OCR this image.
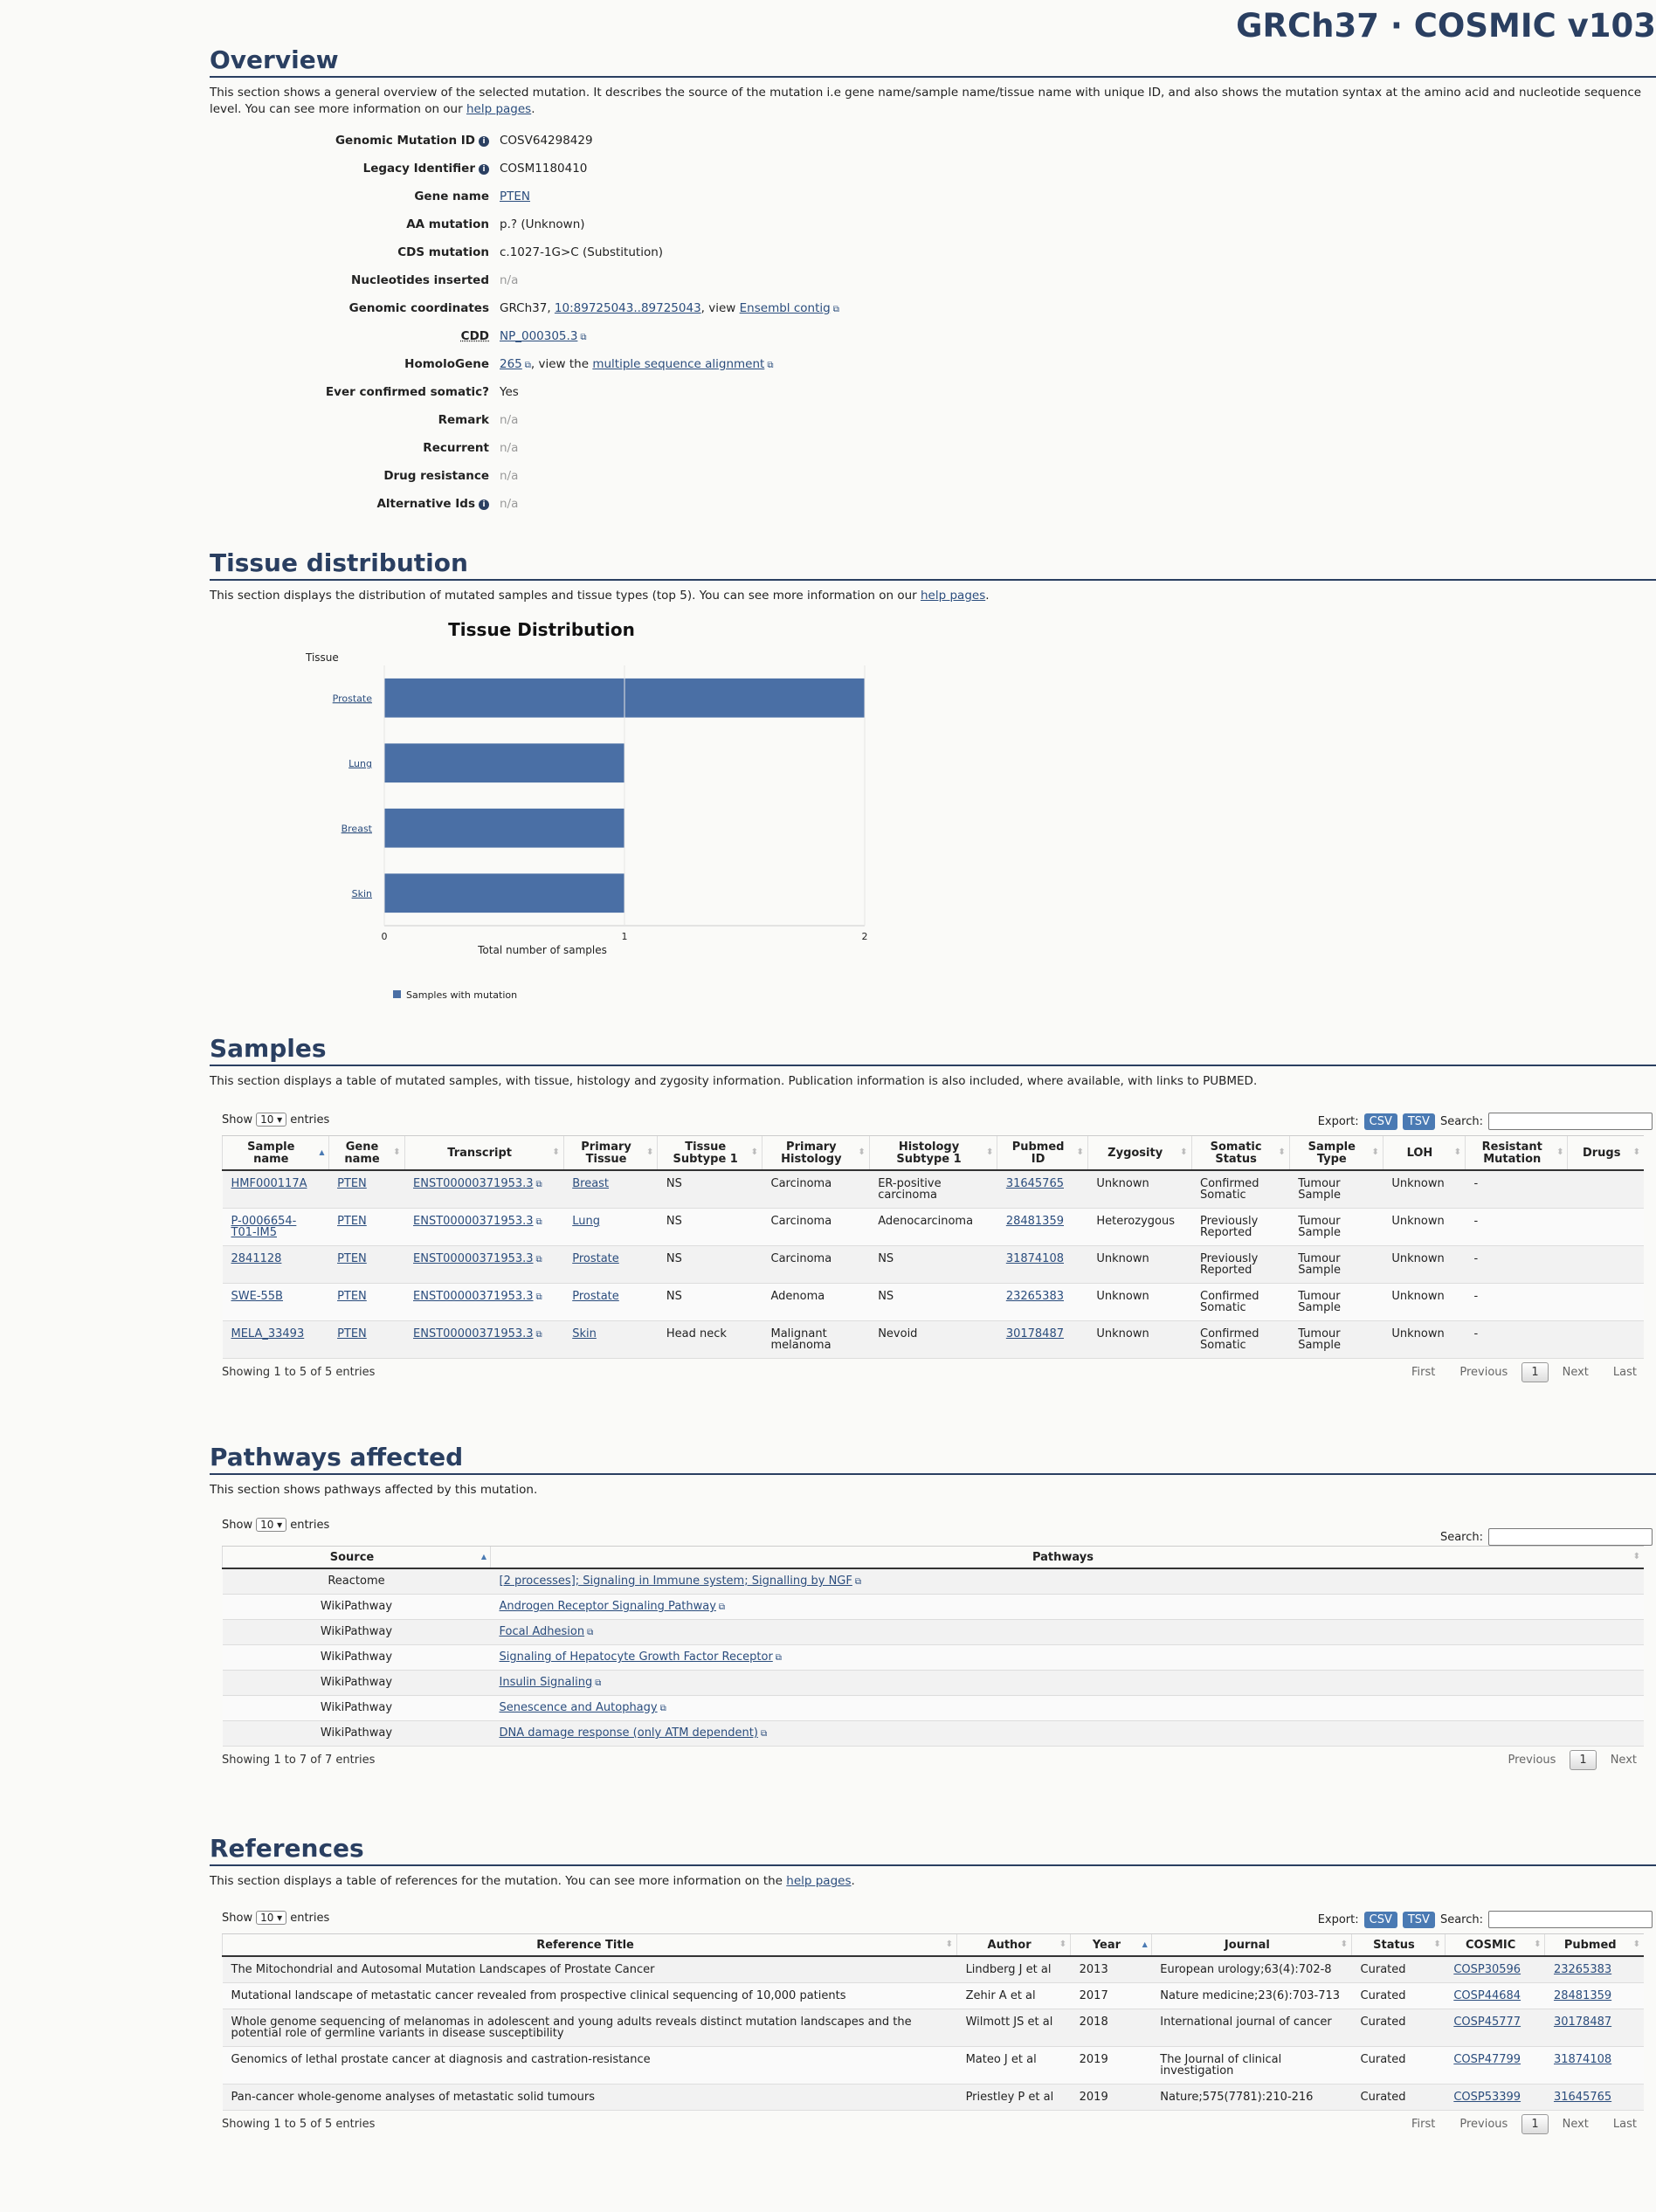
GRCh37 · COSMIC v103
Overview

This section shows a general overview of the selected mutation. It describes the source of the mutation i.e gene name/sample name/tissue name with unique ID, and also shows the mutation syntax at the amino acid and nucleotide sequence level. You can see more information on our help pages.

Genomic Mutation ID i	COSV64298429
Legacy Identifier i	COSM1180410
Gene name PTEN
AA mutation p.? (Unknown)
CDS mutation c.1027-1G>C (Substitution)
Nucleotides inserted n/a
Genomic coordinates GRCh37, 10:89725043..89725043, view Ensembl contig ⧉
CDD NP_000305.3 ⧉
HomoloGene 265 ⧉ , view the multiple sequence alignment ⧉
Ever confirmed somatic? Yes
Remark n/a
Recurrent n/a
Drug resistance n/a
Alternative Ids i	n/a
Tissue distribution

This section displays the distribution of mutated samples and tissue types (top 5). You can see more information on our help pages.

Tissue Distribution
Tissue
Prostate
Lung
Breast
Skin
0	1	2
Total number of samples
Samples with mutation
Samples

This section displays a table of mutated samples, with tissue, histology and zygosity information. Publication information is also included, where available, with links to PUBMED.

Show 10 ▾ entries	Export: CSV	TSV Search:
Sample name ▲	Gene name ⬍	Transcript ⬍	Primary Tissue ⬍	Tissue Subtype 1 ⬍	Primary Histology ⬍	Histology Subtype 1 ⬍	Pubmed ID ⬍	Zygosity ⬍	Somatic Status ⬍	Sample Type ⬍	LOH ⬍	Resistant Mutation ⬍	Drugs ⬍
HMF000117A	PTEN	ENST00000371953.3 ⧉	Breast	NS	Carcinoma	ER-positive carcinoma	31645765	Unknown	Confirmed Somatic	Tumour Sample	Unknown	-	
P-0006654-T01-IM5	PTEN	ENST00000371953.3 ⧉	Lung	NS	Carcinoma	Adenocarcinoma	28481359	Heterozygous	Previously Reported	Tumour Sample	Unknown	-	
2841128	PTEN	ENST00000371953.3 ⧉	Prostate	NS	Carcinoma	NS	31874108	Unknown	Previously Reported	Tumour Sample	Unknown	-	
SWE-55B	PTEN	ENST00000371953.3 ⧉	Prostate	NS	Adenoma	NS	23265383	Unknown	Confirmed Somatic	Tumour Sample	Unknown	-	
MELA_33493	PTEN	ENST00000371953.3 ⧉	Skin	Head neck	Malignant melanoma	Nevoid	30178487	Unknown	Confirmed Somatic	Tumour Sample	Unknown	-	
Showing 1 to 5 of 5 entries	First	Previous	1	Next	Last
Pathways affected

This section shows pathways affected by this mutation.

Show 10 ▾ entries
Search:
Source ▲	Pathways ⬍
Reactome	[2 processes]; Signaling in Immune system; Signalling by NGF ⧉
WikiPathway	Androgen Receptor Signaling Pathway ⧉
WikiPathway	Focal Adhesion ⧉
WikiPathway	Signaling of Hepatocyte Growth Factor Receptor ⧉
WikiPathway	Insulin Signaling ⧉
WikiPathway	Senescence and Autophagy ⧉
WikiPathway	DNA damage response (only ATM dependent) ⧉
Showing 1 to 7 of 7 entries	Previous	1	Next
References

This section displays a table of references for the mutation. You can see more information on the help pages.

Show 10 ▾ entries	Export: CSV	TSV Search:
Reference Title ⬍	Author ⬍	Year ▲	Journal ⬍	Status ⬍	COSMIC ⬍	Pubmed ⬍
The Mitochondrial and Autosomal Mutation Landscapes of Prostate Cancer	Lindberg J et al	2013	European urology;63(4):702-8	Curated	COSP30596	23265383
Mutational landscape of metastatic cancer revealed from prospective clinical sequencing of 10,000 patients	Zehir A et al	2017	Nature medicine;23(6):703-713	Curated	COSP44684	28481359
Whole genome sequencing of melanomas in adolescent and young adults reveals distinct mutation landscapes and the potential role of germline variants in disease susceptibility	Wilmott JS et al	2018	International journal of cancer	Curated	COSP45777	30178487
Genomics of lethal prostate cancer at diagnosis and castration-resistance	Mateo J et al	2019	The Journal of clinical investigation	Curated	COSP47799	31874108
Pan-cancer whole-genome analyses of metastatic solid tumours	Priestley P et al	2019	Nature;575(7781):210-216	Curated	COSP53399	31645765
Showing 1 to 5 of 5 entries	First	Previous	1	Next	Last
